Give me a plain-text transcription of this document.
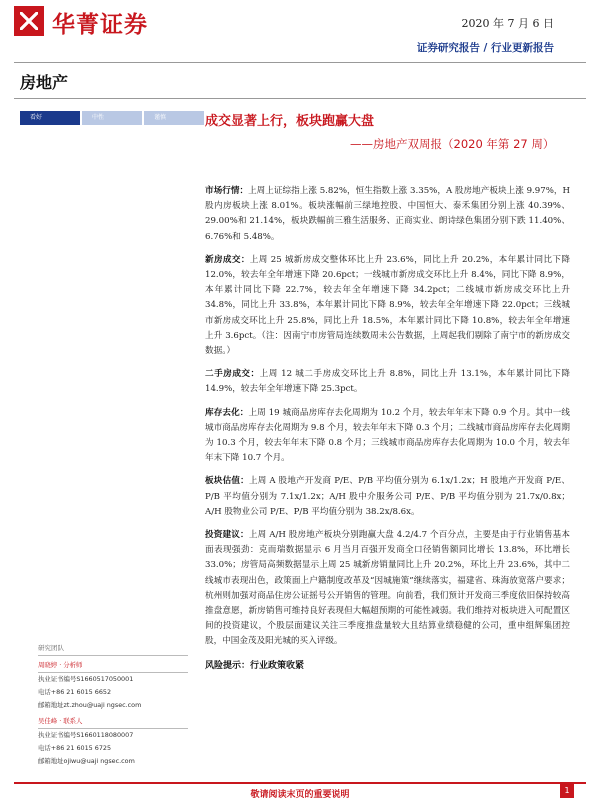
华菁证券	2020 年 7 月 6 日
证券研究报告 / 行业更新报告
房地产
看好	中性	谨慎	成交显著上行，板块跑赢大盘
——房地产双周报（2020 年第 27 周）

市场行情：上周上证综指上涨 5.82%，恒生指数上涨 3.35%，A 股房地产板块上涨 9.97%，H 股内房板块上涨 8.01%。板块涨幅前三绿地控股、中国恒大、泰禾集团分别上涨 40.39%、29.00%和 21.14%，板块跌幅前三雅生活服务、正商实业、朗诗绿色集团分别下跌 11.40%、6.76%和 5.48%。

新房成交：上周 25 城新房成交整体环比上升 23.6%，同比上升 20.2%，本年累计同比下降 12.0%，较去年全年增速下降 20.6pct；一线城市新房成交环比上升 8.4%，同比下降 8.9%，本年累计同比下降 22.7%，较去年全年增速下降 34.2pct；二线城市新房成交环比上升 34.8%，同比上升 33.8%，本年累计同比下降 8.9%，较去年全年增速下降 22.0pct；三线城市新房成交环比上升 25.8%，同比上升 18.5%，本年累计同比下降 10.8%，较去年全年增速上升 3.6pct。（注：因南宁市房管局连续数周未公告数据，上周起我们剔除了南宁市的新房成交数据。）

二手房成交：上周 12 城二手房成交环比上升 8.8%，同比上升 13.1%，本年累计同比下降 14.9%，较去年全年增速下降 25.3pct。

库存去化：上周 19 城商品房库存去化周期为 10.2 个月，较去年年末下降 0.9 个月。其中一线城市商品房库存去化周期为 9.8 个月，较去年年末下降 0.3 个月；二线城市商品房库存去化周期为 10.3 个月，较去年年末下降 0.8 个月；三线城市商品房库存去化周期为 10.0 个月，较去年年末下降 10.7 个月。

板块估值：上周 A 股地产开发商 P/E、P/B 平均值分别为 6.1x/1.2x；H 股地产开发商 P/E、P/B 平均值分别为 7.1x/1.2x；A/H 股中介服务公司 P/E、P/B 平均值分别为 21.7x/0.8x；A/H 股物业公司 P/E、P/B 平均值分别为 38.2x/8.6x。

投资建议：上周 A/H 股房地产板块分别跑赢大盘 4.2/4.7 个百分点，主要是由于行业销售基本面表现强劲：克而瑞数据显示 6 月当月百强开发商全口径销售额同比增长 13.8%，环比增长 33.0%；房管局高频数据显示上周 25 城新房销量同比上升 20.2%，环比上升 23.6%，其中二线城市表现出色，政策面上户籍制度改革及“因城施策”继续落实，福建省、珠海放宽落户要求；杭州则加强对商品住房公证摇号公开销售的管理。向前看，我们预计开发商三季度依旧保持较高推盘意愿，新房销售可维持良好表现但大幅超预期的可能性减弱。我们维持对板块进入可配置区间的投资建议，个股层面建议关注三季度推盘量较大且结算业绩稳健的公司，重申组辉集团控股，中国金茂及阳光城的买入评级。

风险提示：行业政策收紧
研究团队
周晓婷 · 分析师
执业证书编号S1660517050001
电话+86 21 6015 6652
邮箱地址zt.zhou@uaji ngsec.com
吴佳峰 · 联系人
执业证书编号S1660118080007
电话+86 21 6015 6725
邮箱地址ojiwu@uaji ngsec.com
敬请阅读末页的重要说明	1
